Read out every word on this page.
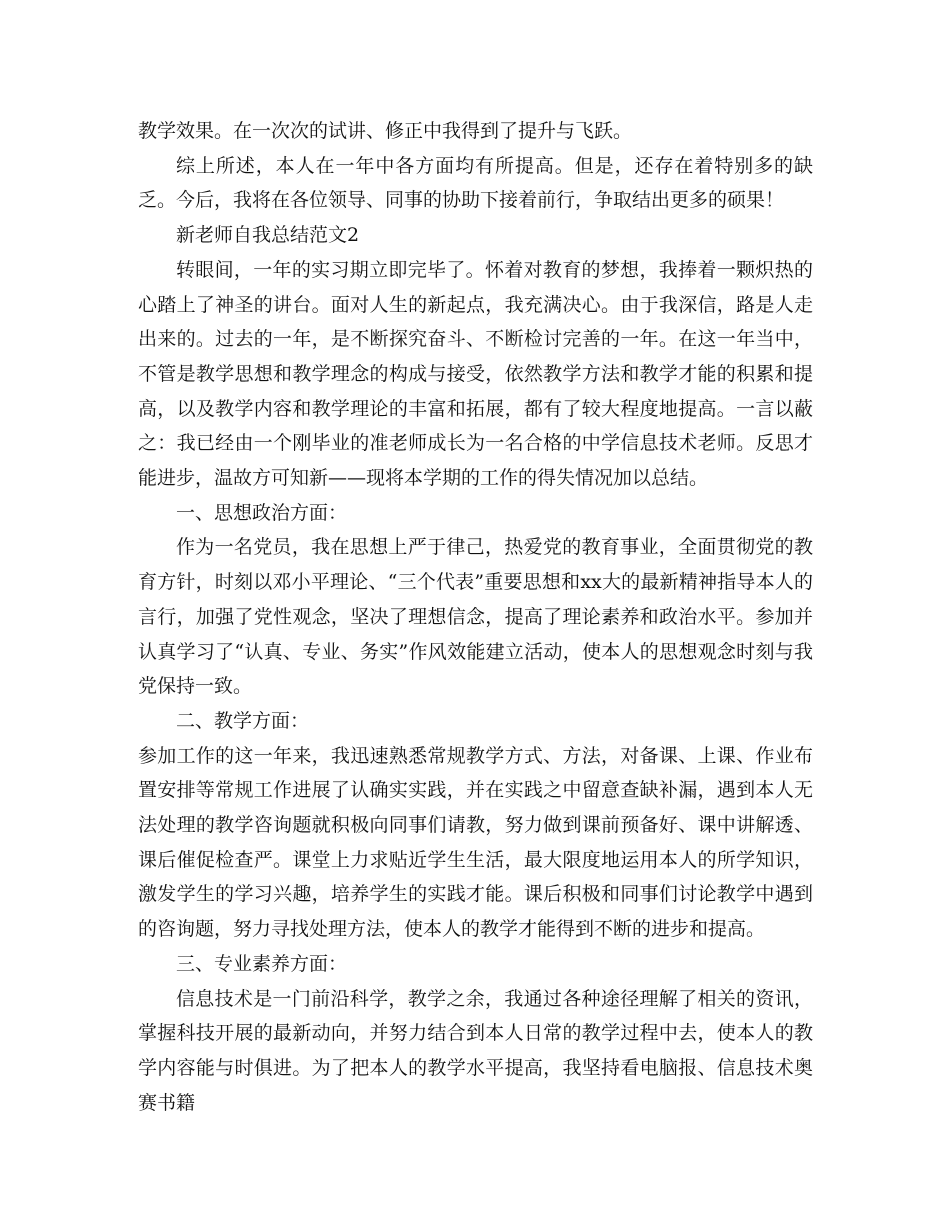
教学效果。在一次次的试讲、修正中我得到了提升与飞跃。

综上所述，本人在一年中各方面均有所提高。但是，还存在着特别多的缺乏。今后，我将在各位领导、同事的协助下接着前行，争取结出更多的硕果！

新老师自我总结范文2

转眼间，一年的实习期立即完毕了。怀着对教育的梦想，我捧着一颗炽热的心踏上了神圣的讲台。面对人生的新起点，我充满决心。由于我深信，路是人走出来的。过去的一年，是不断探究奋斗、不断检讨完善的一年。在这一年当中，不管是教学思想和教学理念的构成与接受，依然教学方法和教学才能的积累和提高，以及教学内容和教学理论的丰富和拓展，都有了较大程度地提高。一言以蔽之：我已经由一个刚毕业的准老师成长为一名合格的中学信息技术老师。反思才能进步，温故方可知新——现将本学期的工作的得失情况加以总结。

一、思想政治方面：

作为一名党员，我在思想上严于律己，热爱党的教育事业，全面贯彻党的教育方针，时刻以邓小平理论、“三个代表”重要思想和xx大的最新精神指导本人的言行，加强了党性观念，坚决了理想信念，提高了理论素养和政治水平。参加并认真学习了“认真、专业、务实”作风效能建立活动，使本人的思想观念时刻与我党保持一致。

二、教学方面：

参加工作的这一年来，我迅速熟悉常规教学方式、方法，对备课、上课、作业布置安排等常规工作进展了认确实实践，并在实践之中留意查缺补漏，遇到本人无法处理的教学咨询题就积极向同事们请教，努力做到课前预备好、课中讲解透、课后催促检查严。课堂上力求贴近学生生活，最大限度地运用本人的所学知识，激发学生的学习兴趣，培养学生的实践才能。课后积极和同事们讨论教学中遇到的咨询题，努力寻找处理方法，使本人的教学才能得到不断的进步和提高。

三、专业素养方面：

信息技术是一门前沿科学，教学之余，我通过各种途径理解了相关的资讯，掌握科技开展的最新动向，并努力结合到本人日常的教学过程中去，使本人的教学内容能与时俱进。为了把本人的教学水平提高，我坚持看电脑报、信息技术奥赛书籍
